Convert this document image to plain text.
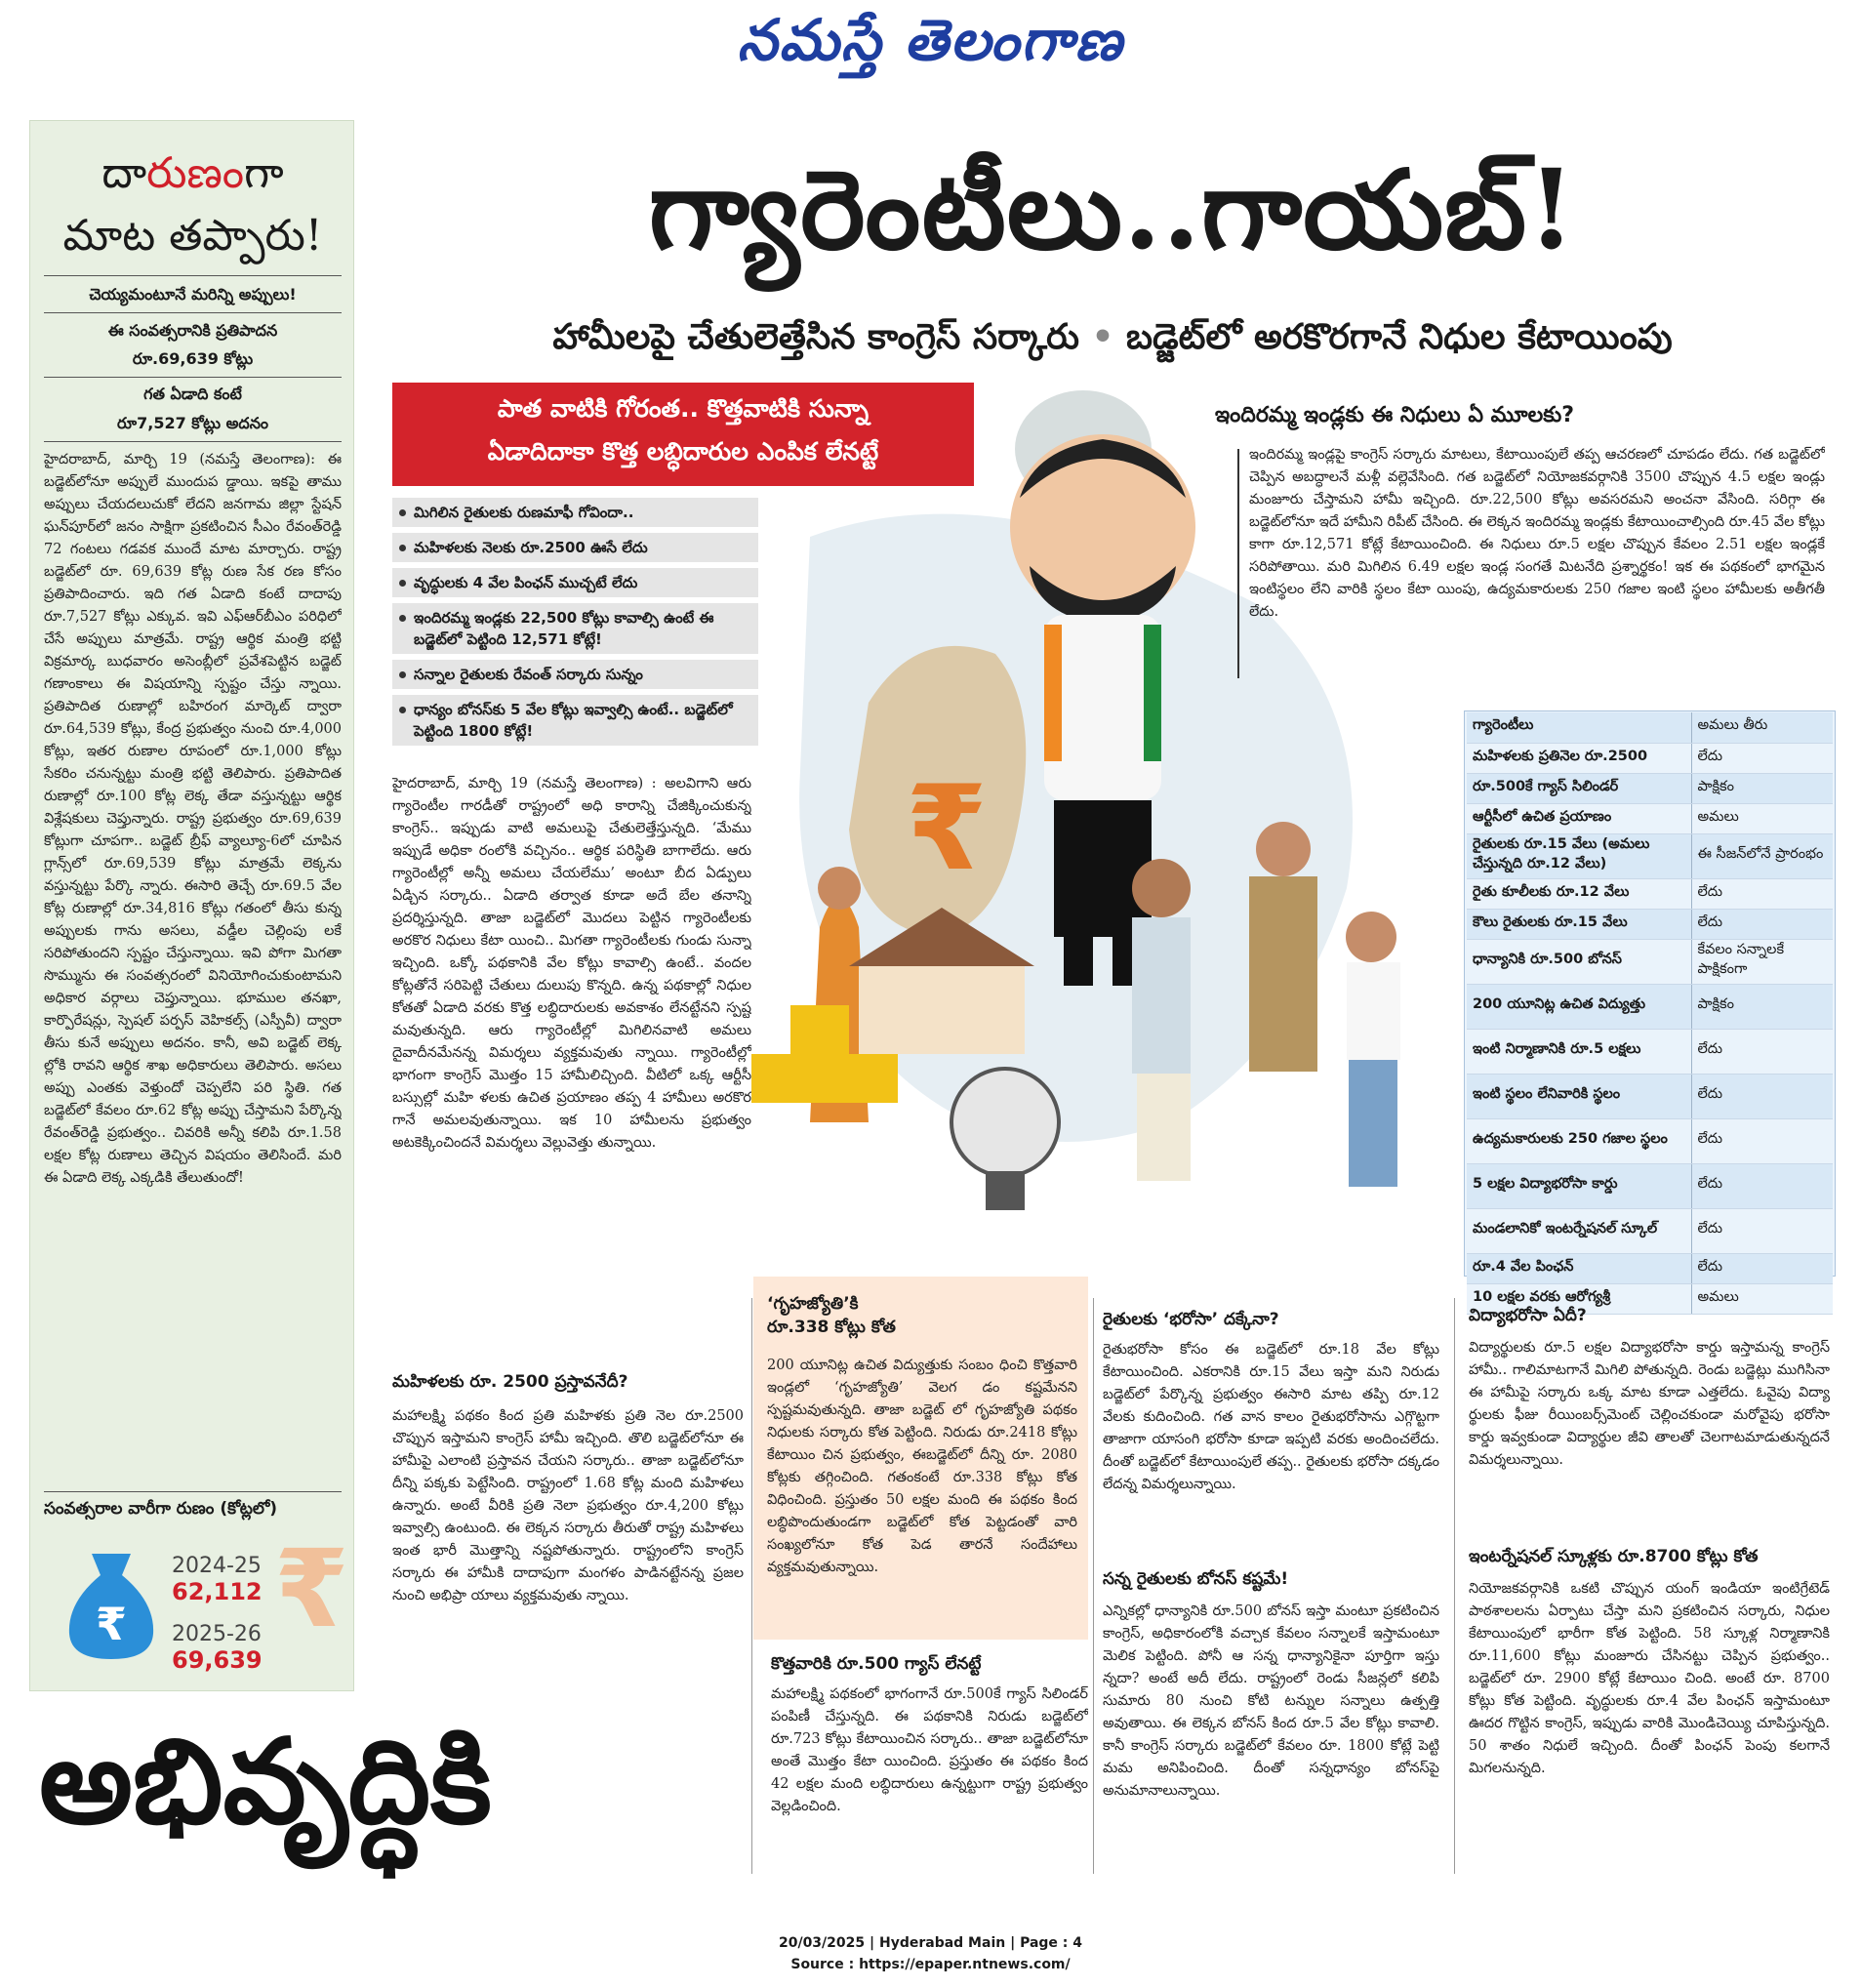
నమస్తే తెలంగాణ
దారుణంగా
మాట తప్పారు!
చెయ్యమంటూనే మరిన్ని అప్పులు!
ఈ సంవత్సరానికి ప్రతిపాదన
రూ.69,639 కోట్లు
గత ఏడాది కంటే
రూ7,527 కోట్లు అదనం

హైదరాబాద్, మార్చి 19 (నమస్తే తెలంగాణ): ఈ బడ్జెట్‌లోనూ అప్పులే ముందుప డ్డాయి. ఇకపై తాము అప్పులు చేయదలుచుకో లేదని జనగామ జిల్లా స్టేషన్ ఘన్‌పూర్‌లో జనం సాక్షిగా ప్రకటించిన సీఎం రేవంత్‌రెడ్డి 72 గంటలు గడవక ముందే మాట మార్చారు. రాష్ట్ర బడ్జెట్‌లో రూ. 69,639 కోట్ల రుణ సేక రణ కోసం ప్రతిపాదించారు. ఇది గత ఏడాది కంటే దాదాపు రూ.7,527 కోట్లు ఎక్కువ. ఇవి ఎఫ్‌ఆర్‌బీఎం పరిధిలో చేసే అప్పులు మాత్రమే. రాష్ట్ర ఆర్థిక మంత్రి భట్టి విక్రమార్క బుధవారం అసెంబ్లీలో ప్రవేశపెట్టిన బడ్జెట్ గణాంకాలు ఈ విషయాన్ని స్పష్టం చేస్తు న్నాయి. ప్రతిపాదిత రుణాల్లో బహిరంగ మార్కెట్ ద్వారా రూ.64,539 కోట్లు, కేంద్ర ప్రభుత్వం నుంచి రూ.4,000 కోట్లు, ఇతర రుణాల రూపంలో రూ.1,000 కోట్లు సేకరిం చనున్నట్టు మంత్రి భట్టి తెలిపారు. ప్రతిపాదిత రుణాల్లో రూ.100 కోట్ల లెక్క తేడా వస్తున్నట్టు ఆర్థిక విశ్లేషకులు చెప్తున్నారు. రాష్ట్ర ప్రభుత్వం రూ.69,639 కోట్లుగా చూపగా.. బడ్జెట్ బ్రీఫ్ వ్యాల్యూ-6లో చూపిన గ్లాన్స్‌లో రూ.69,539 కోట్లు మాత్రమే లెక్కను వస్తున్నట్టు పేర్కొ న్నారు. ఈసారి తెచ్చే రూ.69.5 వేల కోట్ల రుణాల్లో రూ.34,816 కోట్లు గతంలో తీసు కున్న అప్పులకు గాను అసలు, వడ్డీల చెల్లింపు లకే సరిపోతుందని స్పష్టం చేస్తున్నాయి. ఇవి పోగా మిగతా సొమ్మును ఈ సంవత్సరంలో వినియోగించుకుంటామని అధికార వర్గాలు చెప్తున్నాయి. భూముల తనఖా, కార్పొరేషన్లు, స్పెషల్ పర్పస్ వెహికల్స్ (ఎస్పీవీ) ద్వారా తీసు కునే అప్పులు అదనం. కానీ, అవి బడ్జెట్ లెక్క ల్లోకి రావని ఆర్థిక శాఖ అధికారులు తెలిపారు. అసలు అప్పు ఎంతకు వెళ్తుందో చెప్పలేని పరి స్థితి. గత బడ్జెట్‌లో కేవలం రూ.62 కోట్ల అప్పు చేస్తామని పేర్కొన్న రేవంత్‌రెడ్డి ప్రభుత్వం.. చివరికి అన్నీ కలిపి రూ.1.58 లక్షల కోట్ల రుణాలు తెచ్చిన విషయం తెలిసిందే. మరి ఈ ఏడాది లెక్క ఎక్కడికి తేలుతుందో!

సంవత్సరాల వారీగా రుణం (కోట్లలో)
₹
2024-25
62,112
2025-26
69,639
₹
గ్యారెంటీలు..గాయబ్!
హామీలపై చేతులెత్తేసిన కాంగ్రెస్ సర్కారు • బడ్జెట్‌లో అరకొరగానే నిధుల కేటాయింపు
పాత వాటికి గోరంత.. కొత్తవాటికి సున్నా
ఏడాదిదాకా కొత్త లబ్ధిదారుల ఎంపిక లేనట్టే
మిగిలిన రైతులకు రుణమాఫీ గోవిందా..
మహిళలకు నెలకు రూ.2500 ఊసే లేదు
వృద్ధులకు 4 వేల పింఛన్ ముచ్చటే లేదు
ఇందిరమ్మ ఇండ్లకు 22,500 కోట్లు కావాల్సి ఉంటే ఈ బడ్జెట్‌లో పెట్టింది 12,571 కోట్లే!
సన్నాల రైతులకు రేవంత్ సర్కారు సున్నం
ధాన్యం బోనస్‌కు 5 వేల కోట్లు ఇవ్వాల్సి ఉంటే.. బడ్జెట్‌లో పెట్టింది 1800 కోట్లే!
₹

హైదరాబాద్, మార్చి 19 (నమస్తే తెలంగాణ) : అలవిగాని ఆరు గ్యారెంటీల గారడీతో రాష్ట్రంలో అధి కారాన్ని చేజిక్కించుకున్న కాంగ్రెస్.. ఇప్పుడు వాటి అమలుపై చేతులెత్తేస్తున్నది. ‘మేము ఇప్పుడే అధికా రంలోకి వచ్చినం.. ఆర్థిక పరిస్థితి బాగాలేదు. ఆరు గ్యారెంటీల్లో అన్నీ అమలు చేయలేము’ అంటూ బీద ఏడ్పులు ఏడ్చిన సర్కారు.. ఏడాది తర్వాత కూడా అదే బేల తనాన్ని ప్రదర్శిస్తున్నది. తాజా బడ్జెట్‌లో మొదలు పెట్టిన గ్యారెంటీలకు అరకొర నిధులు కేటా యించి.. మిగతా గ్యారెంటీలకు గుండు సున్నా ఇచ్చింది. ఒక్కో పథకానికి వేల కోట్లు కావాల్సి ఉంటే.. వందల కోట్లతోనే సరిపెట్టి చేతులు దులుపు కొన్నది. ఉన్న పథకాల్లో నిధుల కోతతో ఏడాది వరకు కొత్త లబ్ధిదారులకు అవకాశం లేనట్టేనని స్పష్ట మవుతున్నది. ఆరు గ్యారెంటీల్లో మిగిలినవాటి అమలు దైవాదీనమేనన్న విమర్శలు వ్యక్తమవుతు న్నాయి. గ్యారెంటీల్లో భాగంగా కాంగ్రెస్ మొత్తం 15 హామీలిచ్చింది. వీటిలో ఒక్క ఆర్టీసీ బస్సుల్లో మహి ళలకు ఉచిత ప్రయాణం తప్ప 4 హామీలు అరకొర గానే అమలవుతున్నాయి. ఇక 10 హామీలను ప్రభుత్వం అటకెక్కించిందనే విమర్శలు వెల్లువెత్తు తున్నాయి.

మహిళలకు రూ. 2500 ప్రస్తావనేదీ?

మహాలక్ష్మి పథకం కింద ప్రతి మహిళకు ప్రతి నెల రూ.2500 చొప్పున ఇస్తామని కాంగ్రెస్ హామీ ఇచ్చింది. తొలి బడ్జెట్‌లోనూ ఈ హామీపై ఎలాంటి ప్రస్తావన చేయని సర్కారు.. తాజా బడ్జెట్‌లోనూ దీన్ని పక్కకు పెట్టేసింది. రాష్ట్రంలో 1.68 కోట్ల మంది మహిళలు ఉన్నారు. అంటే వీరికి ప్రతి నెలా ప్రభుత్వం రూ.4,200 కోట్లు ఇవ్వాల్సి ఉంటుంది. ఈ లెక్కన సర్కారు తీరుతో రాష్ట్ర మహిళలు ఇంత భారీ మొత్తాన్ని నష్టపోతున్నారు. రాష్ట్రంలోని కాంగ్రెస్ సర్కారు ఈ హామీకి దాదాపుగా మంగళం పాడినట్టేనన్న ప్రజల నుంచి అభిప్రా యాలు వ్యక్తమవుతు న్నాయి.

‘గృహజ్యోతి’కి
రూ.338 కోట్లు కోత

200 యూనిట్ల ఉచిత విద్యుత్తుకు సంబం ధించి కొత్తవారి ఇండ్లలో ‘గృహజ్యోతి’ వెలగ డం కష్టమేనని స్పష్టమవుతున్నది. తాజా బడ్జెట్ లో గృహజ్యోతి పథకం నిధులకు సర్కారు కోత పెట్టింది. నిరుడు రూ.2418 కోట్లు కేటాయిం చిన ప్రభుత్వం, ఈబడ్జెట్‌లో దీన్ని రూ. 2080 కోట్లకు తగ్గించింది. గతంకంటే రూ.338 కోట్లు కోత విధించింది. ప్రస్తుతం 50 లక్షల మంది ఈ పథకం కింద లబ్ధిపొందుతుండగా బడ్జెట్‌లో కోత పెట్టడంతో వారి సంఖ్యలోనూ కోత పెడ తారనే సందేహాలు వ్యక్తమవుతున్నాయి.

కొత్తవారికి రూ.500 గ్యాస్ లేనట్టే

మహాలక్ష్మి పథకంలో భాగంగానే రూ.500కే గ్యాస్ సిలిండర్ పంపిణీ చేస్తున్నది. ఈ పథకానికి నిరుడు బడ్జెట్‌లో రూ.723 కోట్లు కేటాయించిన సర్కారు.. తాజా బడ్జెట్‌లోనూ అంతే మొత్తం కేటా యించింది. ప్రస్తుతం ఈ పథకం కింద 42 లక్షల మంది లబ్ధిదారులు ఉన్నట్టుగా రాష్ట్ర ప్రభుత్వం వెల్లడించింది.

ఇందిరమ్మ ఇండ్లకు ఈ నిధులు ఏ మూలకు?

ఇందిరమ్మ ఇండ్లపై కాంగ్రెస్ సర్కారు మాటలు, కేటాయింపులే తప్ప ఆచరణలో చూపడం లేదు. గత బడ్జెట్‌లో చెప్పిన అబద్ధాలనే మళ్లీ వల్లెవేసింది. గత బడ్జెట్‌లో నియోజకవర్గానికి 3500 చొప్పున 4.5 లక్షల ఇండ్లు మంజూరు చేస్తామని హామీ ఇచ్చింది. రూ.22,500 కోట్లు అవసరమని అంచనా వేసింది. సరిగ్గా ఈ బడ్జెట్‌లోనూ ఇదే హామీని రిపీట్ చేసింది. ఈ లెక్కన ఇందిరమ్మ ఇండ్లకు కేటాయించాల్సింది రూ.45 వేల కోట్లు కాగా రూ.12,571 కోట్లే కేటాయించింది. ఈ నిధులు రూ.5 లక్షల చొప్పున కేవలం 2.51 లక్షల ఇండ్లకే సరిపోతాయి. మరి మిగిలిన 6.49 లక్షల ఇండ్ల సంగతే మిటనేది ప్రశ్నార్థకం! ఇక ఈ పథకంలో భాగమైన ఇంటిస్థలం లేని వారికి స్థలం కేటా యింపు, ఉద్యమకారులకు 250 గజాల ఇంటి స్థలం హామీలకు అతీగతీ లేదు.

గ్యారెంటీలు	అమలు తీరు
మహిళలకు ప్రతినెల రూ.2500	లేదు
రూ.500కే గ్యాస్ సిలిండర్	పాక్షికం
ఆర్టీసీలో ఉచిత ప్రయాణం	అమలు
రైతులకు రూ.15 వేలు (అమలు చేస్తున్నది రూ.12 వేలు)	ఈ సీజన్‌లోనే ప్రారంభం
రైతు కూలీలకు రూ.12 వేలు	లేదు
కౌలు రైతులకు రూ.15 వేలు	లేదు
ధాన్యానికి రూ.500 బోనస్	కేవలం సన్నాలకే పాక్షికంగా
200 యూనిట్ల ఉచిత విద్యుత్తు	పాక్షికం
ఇంటి నిర్మాణానికి రూ.5 లక్షలు	లేదు
ఇంటి స్థలం లేనివారికి స్థలం	లేదు
ఉద్యమకారులకు 250 గజాల స్థలం	లేదు
5 లక్షల విద్యాభరోసా కార్డు	లేదు
మండలానికో ఇంటర్నేషనల్ స్కూల్	లేదు
రూ.4 వేల పింఛన్	లేదు
10 లక్షల వరకు ఆరోగ్యశ్రీ	అమలు
రైతులకు ‘భరోసా’ దక్కేనా?

రైతుభరోసా కోసం ఈ బడ్జెట్‌లో రూ.18 వేల కోట్లు కేటాయించింది. ఎకరానికి రూ.15 వేలు ఇస్తా మని నిరుడు బడ్జెట్‌లో పేర్కొన్న ప్రభుత్వం ఈసారి మాట తప్పి రూ.12 వేలకు కుదించింది. గత వాన కాలం రైతుభరోసాను ఎగ్గొట్టగా తాజాగా యాసంగి భరోసా కూడా ఇప్పటి వరకు అందించలేదు. దీంతో బడ్జెట్‌లో కేటాయింపులే తప్ప.. రైతులకు భరోసా దక్కడం లేదన్న విమర్శలున్నాయి.

సన్న రైతులకు బోనస్ కష్టమే!

ఎన్నికల్లో ధాన్యానికి రూ.500 బోనస్ ఇస్తా మంటూ ప్రకటించిన కాంగ్రెస్, అధికారంలోకి వచ్చాక కేవలం సన్నాలకే ఇస్తామంటూ మెలిక పెట్టింది. పోనీ ఆ సన్న ధాన్యానికైనా పూర్తిగా ఇస్తు న్నదా? అంటే అదీ లేదు. రాష్ట్రంలో రెండు సీజన్లలో కలిపి సుమారు 80 నుంచి కోటి టన్నుల సన్నాలు ఉత్పత్తి అవుతాయి. ఈ లెక్కన బోనస్ కింద రూ.5 వేల కోట్లు కావాలి. కానీ కాంగ్రెస్ సర్కారు బడ్జెట్‌లో కేవలం రూ. 1800 కోట్లే పెట్టి మమ అనిపించింది. దీంతో సన్నధాన్యం బోనస్‌పై అనుమానాలున్నాయి.

విద్యాభరోసా ఏదీ?

విద్యార్థులకు రూ.5 లక్షల విద్యాభరోసా కార్డు ఇస్తామన్న కాంగ్రెస్ హామీ.. గాలిమాటగానే మిగిలి పోతున్నది. రెండు బడ్జెట్లు ముగిసినా ఈ హామీపై సర్కారు ఒక్క మాట కూడా ఎత్తలేదు. ఓవైపు విద్యా ర్థులకు ఫీజు రీయింబర్స్‌మెంట్ చెల్లించకుండా మరోవైపు భరోసా కార్డు ఇవ్వకుండా విద్యార్థుల జీవి తాలతో చెలగాటమాడుతున్నదనే విమర్శలున్నాయి.

ఇంటర్నేషనల్ స్కూళ్లకు రూ.8700 కోట్లు కోత

నియోజకవర్గానికి ఒకటి చొప్పున యంగ్ ఇండియా ఇంటిగ్రేటెడ్ పాఠశాలలను ఏర్పాటు చేస్తా మని ప్రకటించిన సర్కారు, నిధుల కేటాయింపులో భారీగా కోత పెట్టింది. 58 స్కూళ్ల నిర్మాణానికి రూ.11,600 కోట్లు మంజూరు చేసినట్టు చెప్పిన ప్రభుత్వం.. బడ్జెట్‌లో రూ. 2900 కోట్లే కేటాయిం చింది. అంటే రూ. 8700 కోట్లు కోత పెట్టింది. వృద్ధులకు రూ.4 వేల పింఛన్ ఇస్తామంటూ ఊదర గొట్టిన కాంగ్రెస్, ఇప్పుడు వారికి మొండిచెయ్యి చూపిస్తున్నది. 50 శాతం నిధులే ఇచ్చింది. దీంతో పింఛన్ పెంపు కలగానే మిగలనున్నది.

అభివృద్ధికి
20/03/2025 | Hyderabad Main | Page : 4
Source : https://epaper.ntnews.com/
